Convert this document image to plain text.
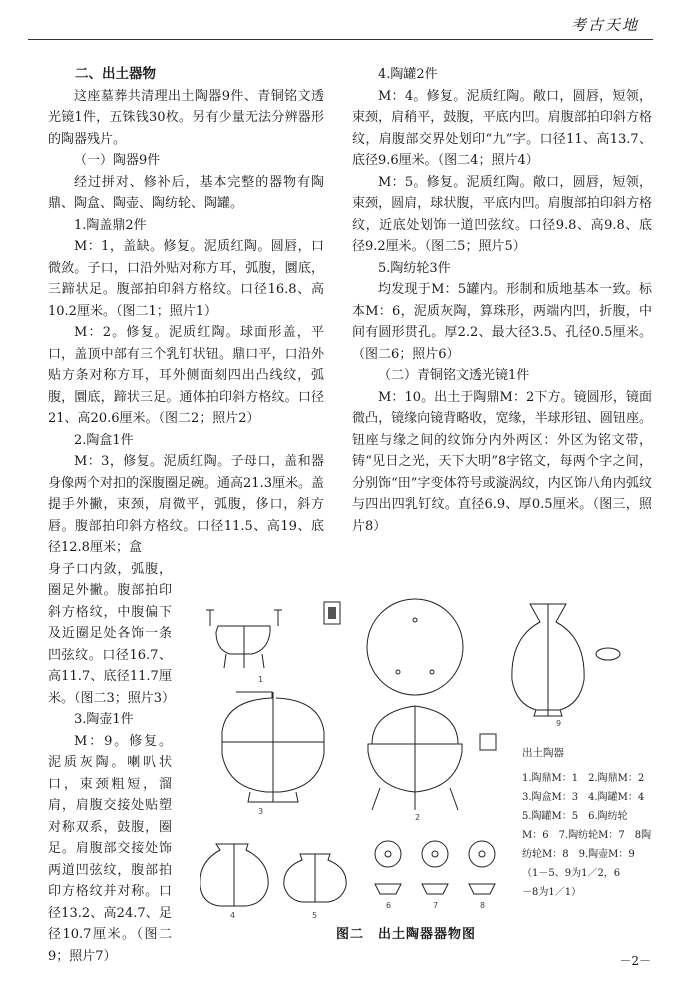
考古天地
二、出土器物

这座墓葬共清理出土陶器9件、青铜铭文透光镜1件，五铢钱30枚。另有少量无法分辨器形的陶器残片。

（一）陶器9件

经过拼对、修补后，基本完整的器物有陶鼎、陶盒、陶壶、陶纺轮、陶罐。

1.陶盖鼎2件

M：1，盖缺。修复。泥质红陶。圆唇，口微敛。子口，口沿外贴对称方耳，弧腹，圜底，三蹄状足。腹部拍印斜方格纹。口径16.8、高10.2厘米。（图二1；照片1）

M：2。修复。泥质红陶。球面形盖，平口，盖顶中部有三个乳钉状钮。鼎口平，口沿外贴方条对称方耳，耳外侧面刻四出凸线纹，弧腹，圜底，蹄状三足。通体拍印斜方格纹。口径21、高20.6厘米。（图二2；照片2）

2.陶盒1件

M：3，修复。泥质红陶。子母口，盖和器身像两个对扣的深腹圈足碗。通高21.3厘米。盖提手外撇，束颈，肩微平，弧腹，侈口，斜方唇。腹部拍印斜方格纹。口径11.5、高19、底径12.8厘米；盒

身子口内敛，弧腹，圈足外撇。腹部拍印斜方格纹，中腹偏下及近圈足处各饰一条凹弦纹。口径16.7、高11.7、底径11.7厘米。（图二3；照片3）

3.陶壶1件

M：9。修复。泥质灰陶。喇叭状口，束颈粗短，溜肩，肩腹交接处贴塑对称双系，鼓腹，圈足。肩腹部交接处饰两道凹弦纹，腹部拍印方格纹并对称。口径13.2、高24.7、足径10.7厘米。（图二9；照片7）

4.陶罐2件

M：4。修复。泥质红陶。敞口，圆唇，短领，束颈，肩稍平，鼓腹，平底内凹。肩腹部拍印斜方格纹，肩腹部交界处划印“九”字。口径11、高13.7、底径9.6厘米。（图二4；照片4）

M：5。修复。泥质红陶。敞口，圆唇，短领，束颈，圆肩，球状腹，平底内凹。肩腹部拍印斜方格纹，近底处划饰一道凹弦纹。口径9.8、高9.8、底径9.2厘米。（图二5；照片5）

5.陶纺轮3件

均发现于M：5罐内。形制和质地基本一致。标本M：6，泥质灰陶，算珠形，两端内凹，折腹，中间有圆形贯孔。厚2.2、最大径3.5、孔径0.5厘米。（图二6；照片6）

（二）青铜铭文透光镜1件

M：10。出土于陶鼎M：2下方。镜圆形，镜面微凸，镜缘向镜背略收，宽缘，半球形钮、圆钮座。钮座与缘之间的纹饰分内外两区：外区为铭文带，铸“见日之光，天下大明”8字铭文，每两个字之间，分别饰“田”字变体符号或漩涡纹，内区饰八角内弧纹与四出四乳钉纹。直径6.9、厚0.5厘米。（图三，照片8）

1
2
3
4	5
6	7	8
9
出土陶器
1.陶鼎M：1　2.陶鼎M：2
3.陶盒M：3　4.陶罐M：4
5.陶罐M：5　6.陶纺轮
M：6　7.陶纺轮M：7　8陶
纺轮M：8　9.陶壶M：9
（1－5、9为1／2，6
－8为1／1）
图二　出土陶器器物图
－2－
